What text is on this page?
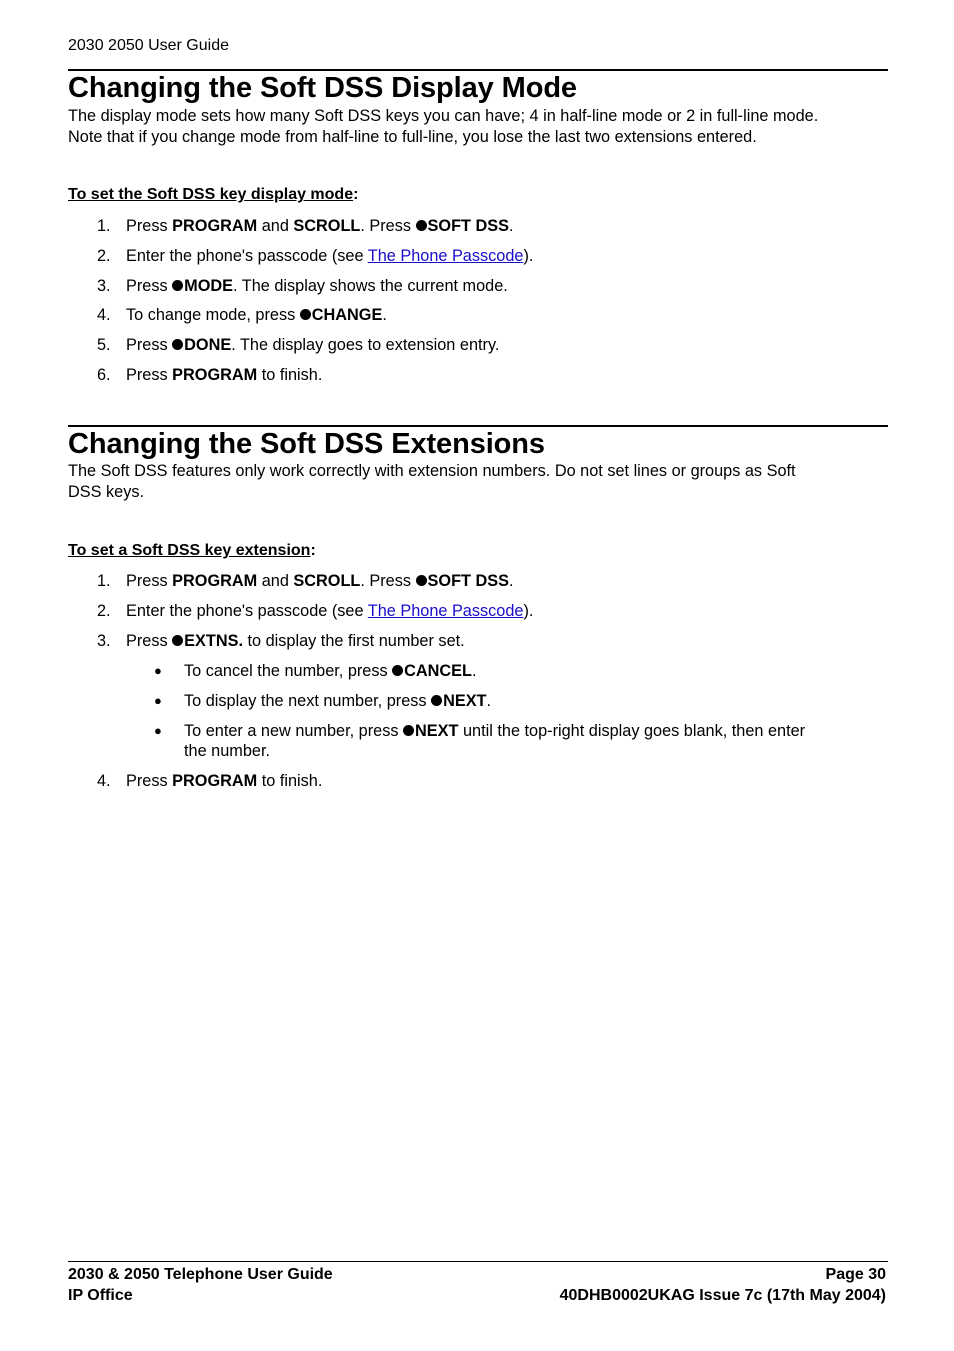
2030 2050 User Guide
Changing the Soft DSS Display Mode
The display mode sets how many Soft DSS keys you can have; 4 in half-line mode or 2 in full-line mode.
Note that if you change mode from half-line to full-line, you lose the last two extensions entered.
To set the Soft DSS key display mode:
1. Press PROGRAM and SCROLL. Press SOFT DSS.
2. Enter the phone's passcode (see The Phone Passcode).
3. Press MODE. The display shows the current mode.
4. To change mode, press CHANGE.
5. Press DONE. The display goes to extension entry.
6. Press PROGRAM to finish.
Changing the Soft DSS Extensions
The Soft DSS features only work correctly with extension numbers. Do not set lines or groups as Soft
DSS keys.
To set a Soft DSS key extension:
1. Press PROGRAM and SCROLL. Press SOFT DSS.
2. Enter the phone's passcode (see The Phone Passcode).
3. Press EXTNS. to display the first number set.
● To cancel the number, press CANCEL.
● To display the next number, press NEXT.
● To enter a new number, press NEXT until the top-right display goes blank, then enter
the number.
4. Press PROGRAM to finish.
2030 & 2050 Telephone User Guide
IP Office
Page 30
40DHB0002UKAG Issue 7c (17th May 2004)
